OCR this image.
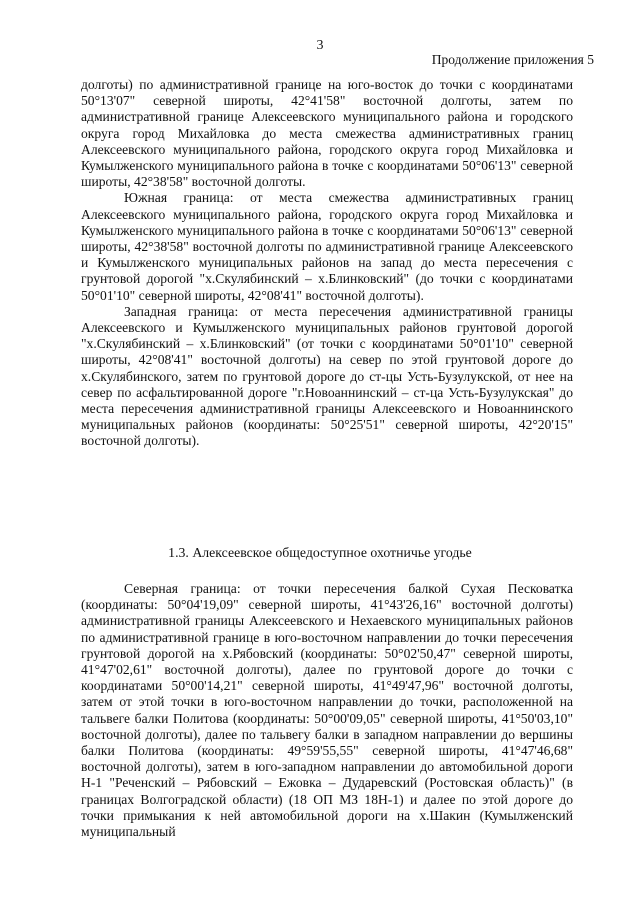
3
Продолжение приложения 5

долготы) по административной границе на юго-восток до точки с координатами 50°13'07" северной широты, 42°41'58" восточной долготы, затем по административной границе Алексеевского муниципального района и городского округа город Михайловка до места смежества административных границ Алексеевского муниципального района, городского округа город Михайловка и Кумылженского муниципального района в точке с координатами 50°06'13" северной широты, 42°38'58" восточной долготы.

Южная граница: от места смежества административных границ Алексеевского муниципального района, городского округа город Михайловка и Кумылженского муниципального района в точке с координатами 50°06'13" северной широты, 42°38'58" восточной долготы по административной границе Алексеевского и Кумылженского муниципальных районов на запад до места пересечения с грунтовой дорогой "х.Скулябинский – х.Блинковский" (до точки с координатами 50°01'10" северной широты, 42°08'41" восточной долготы).

Западная граница: от места пересечения административной границы Алексеевского и Кумылженского муниципальных районов грунтовой дорогой "х.Скулябинский – х.Блинковский" (от точки с координатами 50°01'10" северной широты, 42°08'41" восточной долготы) на север по этой грунтовой дороге до х.Скулябинского, затем по грунтовой дороге до ст-цы Усть-Бузулукской, от нее на север по асфальтированной дороге "г.Новоаннинский – ст-ца Усть-Бузулукская" до места пересечения административной границы Алексеевского и Новоаннинского муниципальных районов (координаты: 50°25'51" северной широты, 42°20'15" восточной долготы).

1.3. Алексеевское общедоступное охотничье угодье

Северная граница: от точки пересечения балкой Сухая Песковатка (координаты: 50°04'19,09" северной широты, 41°43'26,16" восточной долготы) административной границы Алексеевского и Нехаевского муниципальных районов по административной границе в юго-восточном направлении до точки пересечения грунтовой дорогой на х.Рябовский (координаты: 50°02'50,47" северной широты, 41°47'02,61" восточной долготы), далее по грунтовой дороге до точки с координатами 50°00'14,21" северной широты, 41°49'47,96" восточной долготы, затем от этой точки в юго-восточном направлении до точки, расположенной на тальвеге балки Политова (координаты: 50°00'09,05" северной широты, 41°50'03,10" восточной долготы), далее по тальвегу балки в западном направлении до вершины балки Политова (координаты: 49°59'55,55" северной широты, 41°47'46,68" восточной долготы), затем в юго-западном направлении до автомобильной дороги Н-1 "Реченский – Рябовский – Ежовка – Дударевский (Ростовская область)" (в границах Волгоградской области) (18 ОП МЗ 18Н-1) и далее по этой дороге до точки примыкания к ней автомобильной дороги на х.Шакин (Кумылженский муниципальный
